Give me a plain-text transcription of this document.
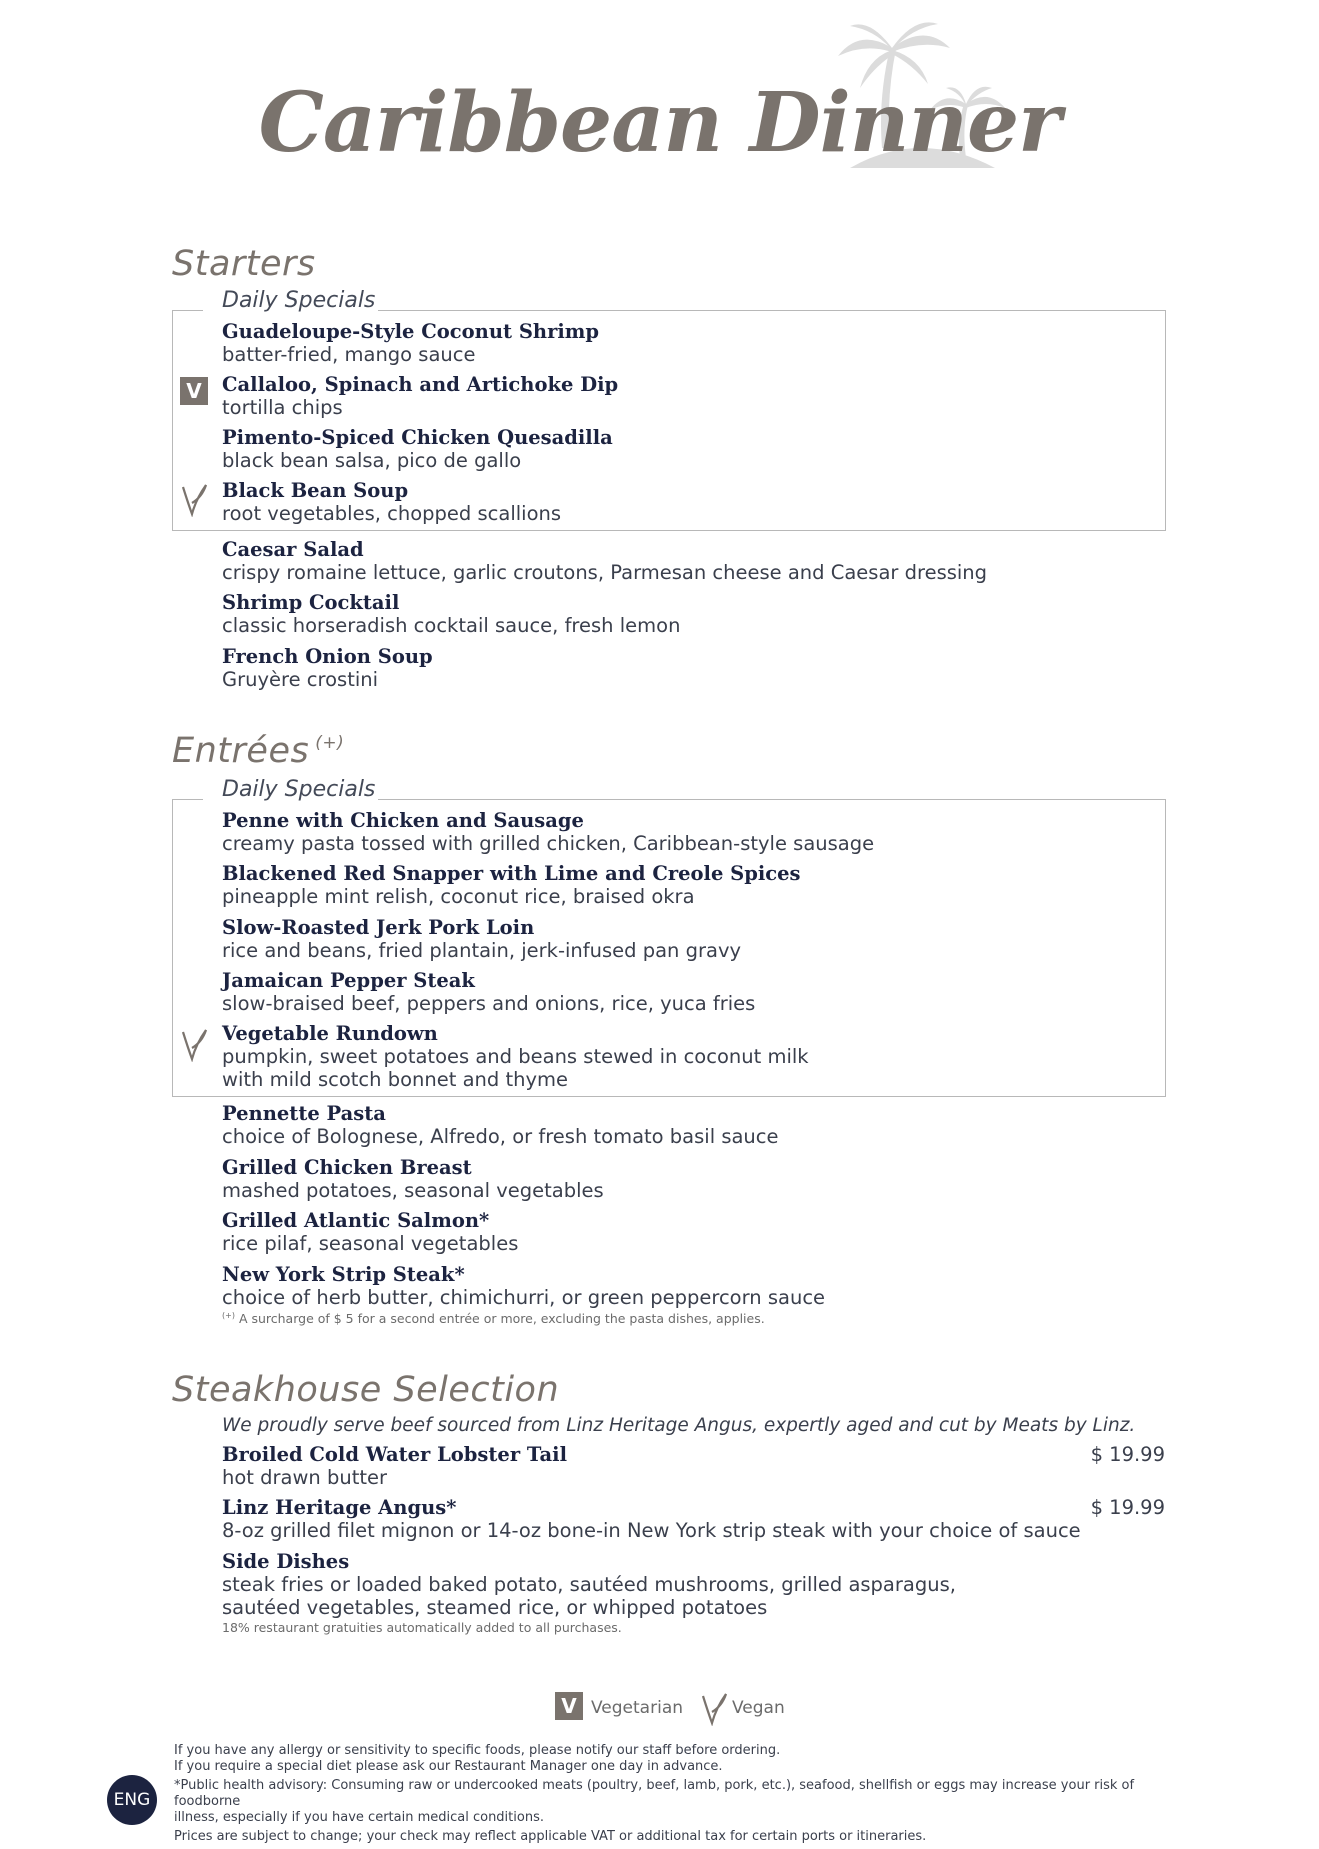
Caribbean Dinner
Starters
Daily Specials
Guadeloupe-Style Coconut Shrimp
batter-fried, mango sauce
V	Callaloo, Spinach and Artichoke Dip
tortilla chips
Pimento-Spiced Chicken Quesadilla
black bean salsa, pico de gallo
Black Bean Soup
root vegetables, chopped scallions
Caesar Salad
crispy romaine lettuce, garlic croutons, Parmesan cheese and Caesar dressing
Shrimp Cocktail
classic horseradish cocktail sauce, fresh lemon
French Onion Soup
Gruyère crostini
Entrées (+)
Daily Specials
Penne with Chicken and Sausage
creamy pasta tossed with grilled chicken, Caribbean-style sausage
Blackened Red Snapper with Lime and Creole Spices
pineapple mint relish, coconut rice, braised okra
Slow-Roasted Jerk Pork Loin
rice and beans, fried plantain, jerk-infused pan gravy
Jamaican Pepper Steak
slow-braised beef, peppers and onions, rice, yuca fries
Vegetable Rundown
pumpkin, sweet potatoes and beans stewed in coconut milk
with mild scotch bonnet and thyme
Pennette Pasta
choice of Bolognese, Alfredo, or fresh tomato basil sauce
Grilled Chicken Breast
mashed potatoes, seasonal vegetables
Grilled Atlantic Salmon*
rice pilaf, seasonal vegetables
New York Strip Steak*
choice of herb butter, chimichurri, or green peppercorn sauce
(+) A surcharge of $ 5 for a second entrée or more, excluding the pasta dishes, applies.
Steakhouse Selection
We proudly serve beef sourced from Linz Heritage Angus, expertly aged and cut by Meats by Linz.
Broiled Cold Water Lobster Tail
hot drawn butter
$ 19.99
Linz Heritage Angus*
8-oz grilled filet mignon or 14-oz bone-in New York strip steak with your choice of sauce
$ 19.99
Side Dishes
steak fries or loaded baked potato, sautéed mushrooms, grilled asparagus,
sautéed vegetables, steamed rice, or whipped potatoes
18% restaurant gratuities automatically added to all purchases.
V Vegetarian	Vegan
ENG
If you have any allergy or sensitivity to specific foods, please notify our staff before ordering.
If you require a special diet please ask our Restaurant Manager one day in advance.
*Public health advisory: Consuming raw or undercooked meats (poultry, beef, lamb, pork, etc.), seafood, shellfish or eggs may increase your risk of foodborne
illness, especially if you have certain medical conditions.
Prices are subject to change; your check may reflect applicable VAT or additional tax for certain ports or itineraries.
